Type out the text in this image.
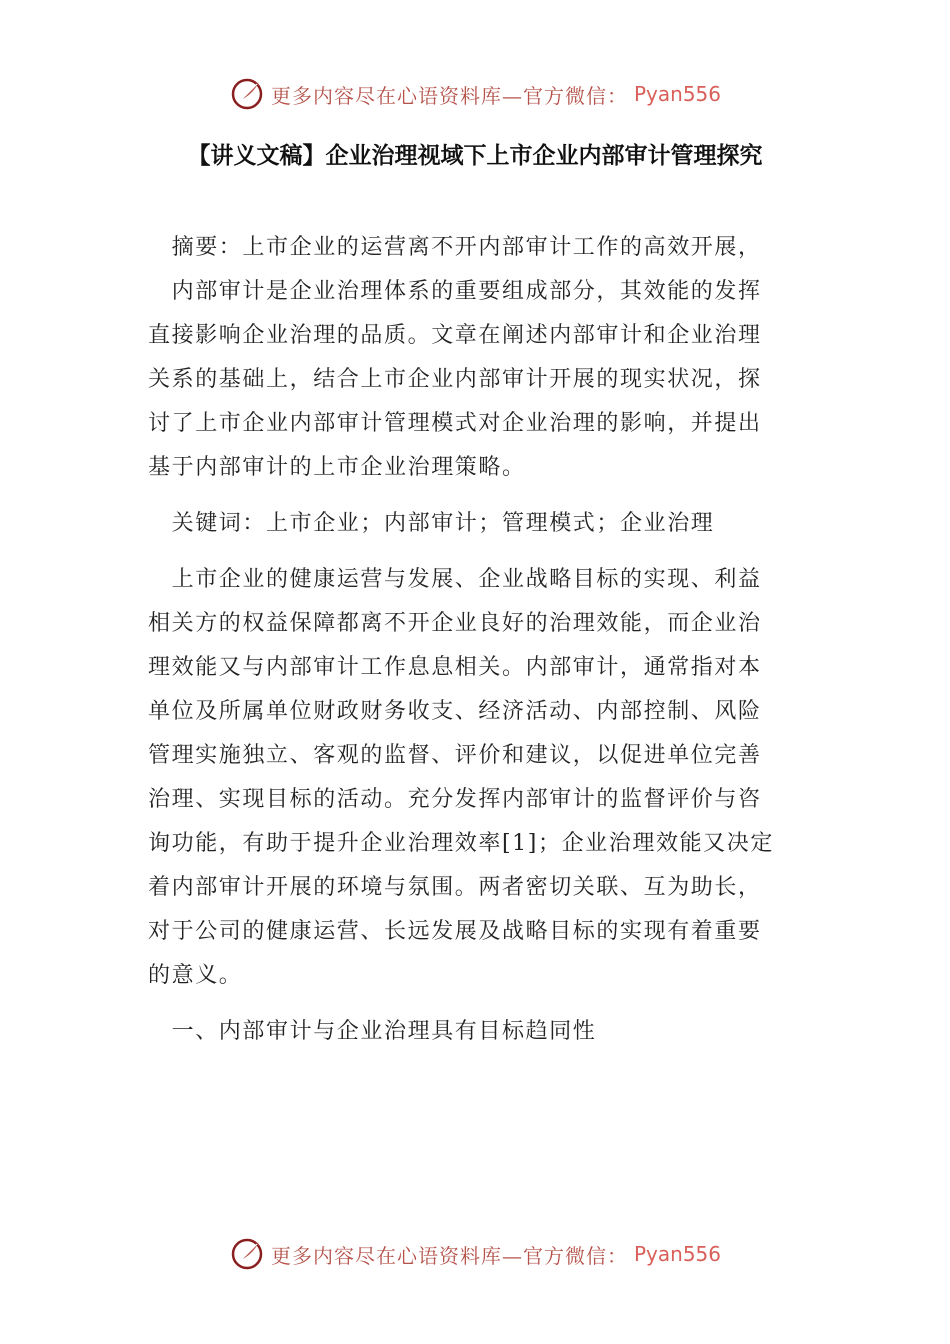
更多内容尽在心语资料库—官方微信： Pyan556
【讲义文稿】企业治理视域下上市企业内部审计管理探究
　摘要：上市企业的运营离不开内部审计工作的高效开展，
　内部审计是企业治理体系的重要组成部分，其效能的发挥
直接影响企业治理的品质。文章在阐述内部审计和企业治理
关系的基础上，结合上市企业内部审计开展的现实状况，探
讨了上市企业内部审计管理模式对企业治理的影响，并提出
基于内部审计的上市企业治理策略。
　关键词：上市企业；内部审计；管理模式；企业治理
　上市企业的健康运营与发展、企业战略目标的实现、利益
相关方的权益保障都离不开企业良好的治理效能，而企业治
理效能又与内部审计工作息息相关。内部审计，通常指对本
单位及所属单位财政财务收支、经济活动、内部控制、风险
管理实施独立、客观的监督、评价和建议，以促进单位完善
治理、实现目标的活动。充分发挥内部审计的监督评价与咨
询功能，有助于提升企业治理效率[1]；企业治理效能又决定
着内部审计开展的环境与氛围。两者密切关联、互为助长，
对于公司的健康运营、长远发展及战略目标的实现有着重要
的意义。
　一、内部审计与企业治理具有目标趋同性
更多内容尽在心语资料库—官方微信： Pyan556
